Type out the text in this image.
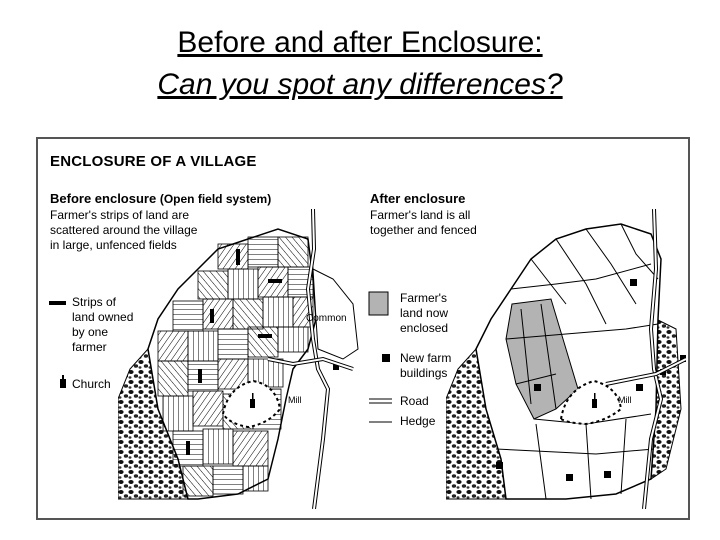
Before and after Enclosure:
Can you spot any differences?
ENCLOSURE OF A VILLAGE
Before enclosure (Open field system)
Farmer's strips of land are
scattered around the village
in large, unfenced fields
Strips of
land owned
by one
farmer
Church
Common
Mill
After enclosure
Farmer's land is all
together and fenced
Farmer's
land now
enclosed
New farm
buildings
Road
Hedge
Mill
